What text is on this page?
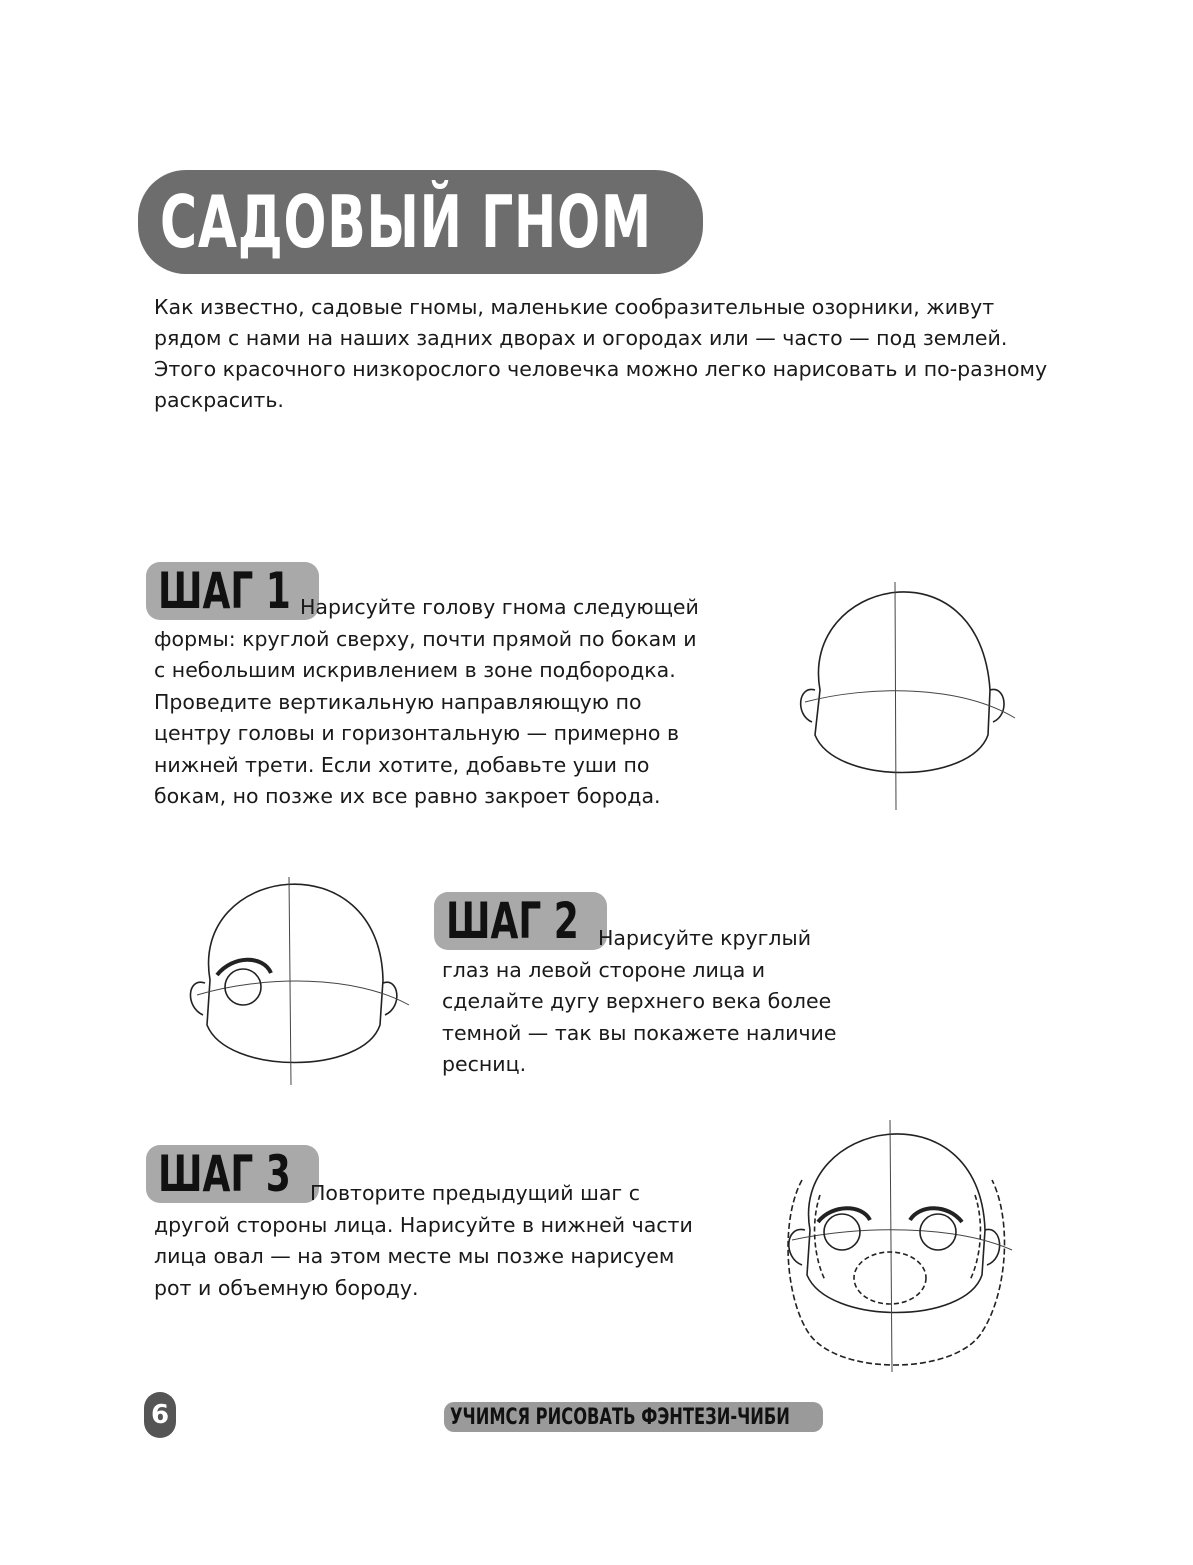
САДОВЫЙ ГНОМ

Как известно, садовые гномы, маленькие сообразительные озорники, живут рядом с нами на наших задних дворах и огородах или — часто — под землей. Этого красочного низкорослого человечка можно легко нарисовать и по-разному раскрасить.

ШАГ 1 Нарисуйте голову гнома следующей формы: круглой сверху, почти прямой по бокам и с небольшим искривлением в зоне подбородка. Проведите вертикальную направляющую по центру головы и горизонтальную — примерно в нижней трети. Если хотите, добавьте уши по бокам, но позже их все равно закроет борода.

ШАГ 2 Нарисуйте круглый глаз на левой стороне лица и сделайте дугу верхнего века более темной — так вы покажете наличие ресниц.

ШАГ 3 Повторите предыдущий шаг с другой стороны лица. Нарисуйте в нижней части лица овал — на этом месте мы позже нарисуем рот и объемную бороду.

6	УЧИМСЯ РИСОВАТЬ ФЭНТЕЗИ-ЧИБИ
